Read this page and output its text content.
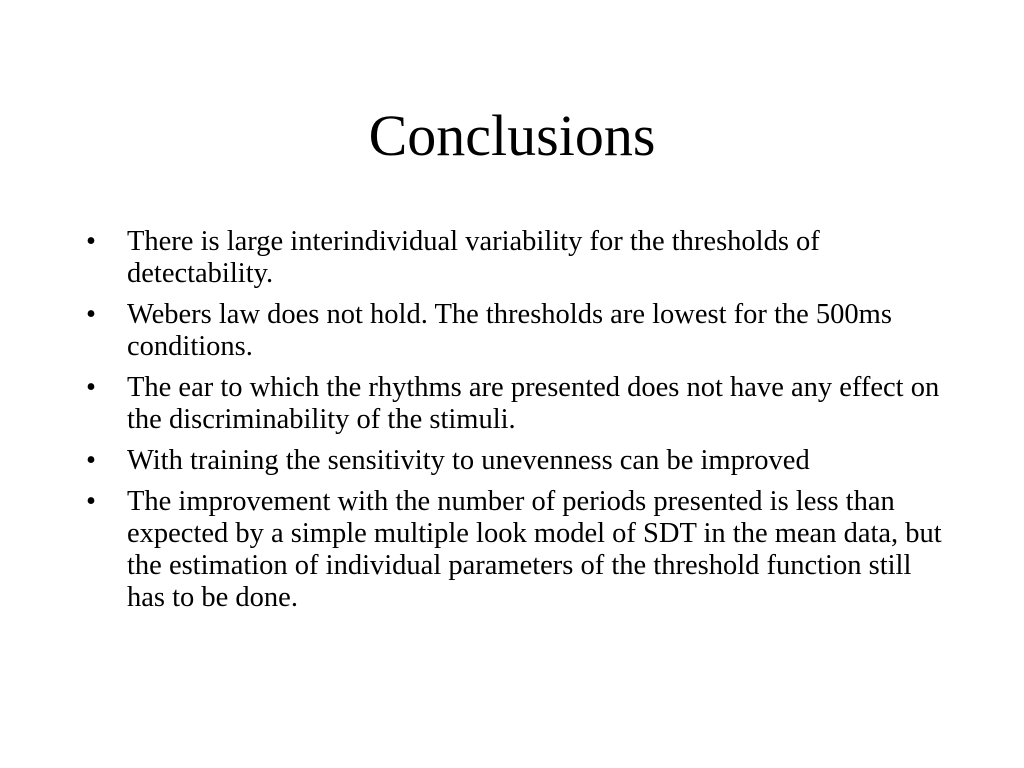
Conclusions
• There is large interindividual variability for the thresholds of detectability.
• Webers law does not hold. The thresholds are lowest for the 500ms conditions.
• The ear to which the rhythms are presented does not have any effect on the discriminability of the stimuli.
• With training the sensitivity to unevenness can be improved
• The improvement with the number of periods presented is less than expected by a simple multiple look model of SDT in the mean data, but the estimation of individual parameters of the threshold function still has to be done.
